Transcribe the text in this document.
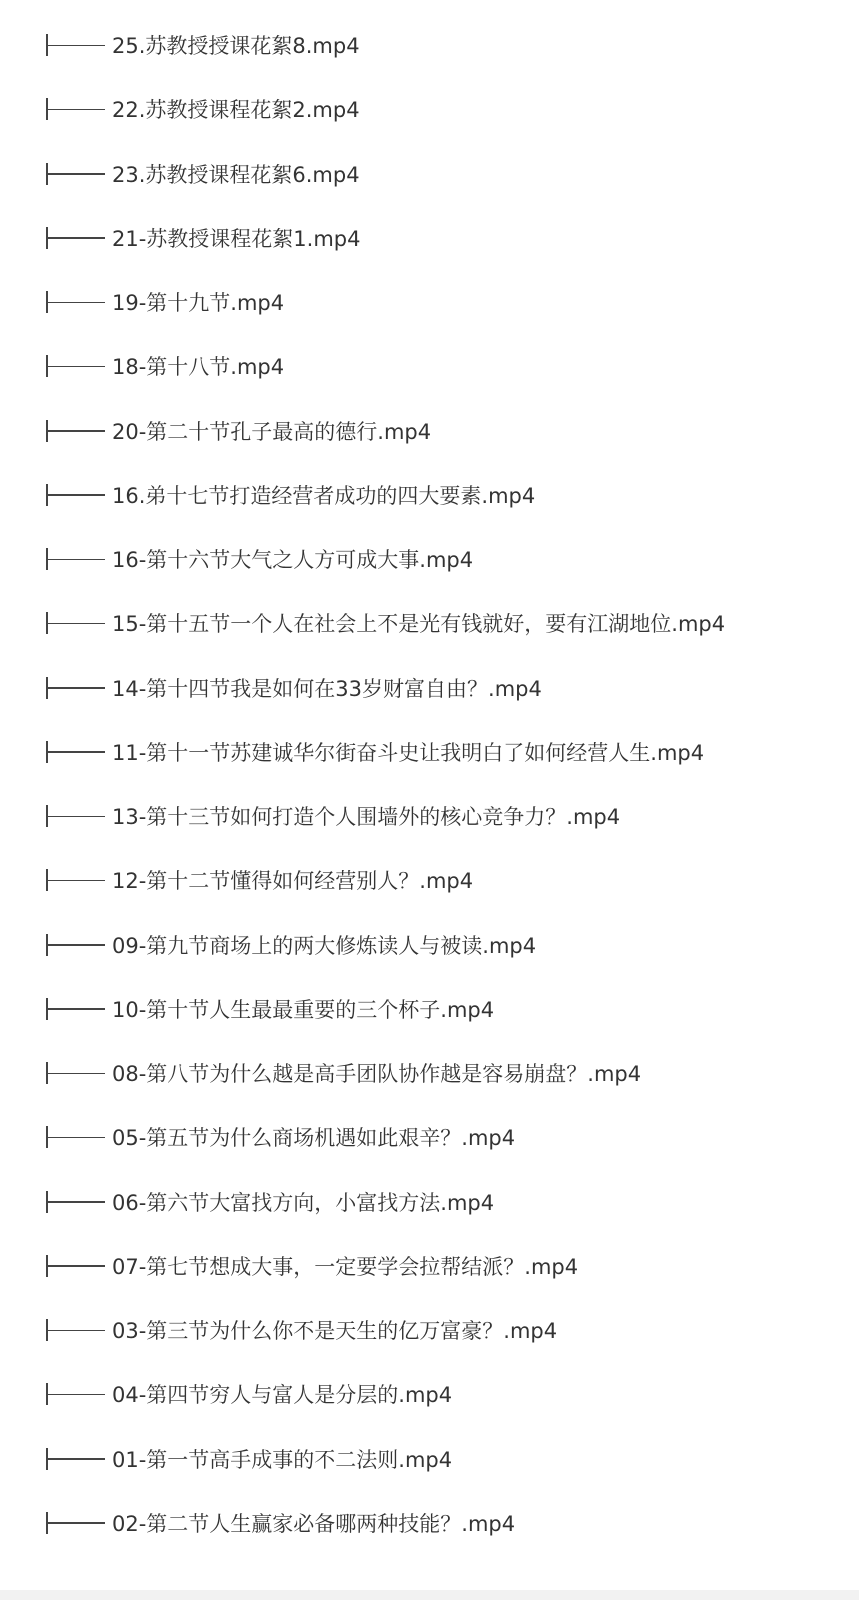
25.苏教授授课花絮8.mp4
22.苏教授课程花絮2.mp4
23.苏教授课程花絮6.mp4
21-苏教授课程花絮1.mp4
19-第十九节.mp4
18-第十八节.mp4
20-第二十节孔子最高的德行.mp4
16.弟十七节打造经营者成功的四大要素.mp4
16-第十六节大气之人方可成大事.mp4
15-第十五节一个人在社会上不是光有钱就好，要有江湖地位.mp4
14-第十四节我是如何在33岁财富自由？.mp4
11-第十一节苏建诚华尔街奋斗史让我明白了如何经营人生.mp4
13-第十三节如何打造个人围墙外的核心竞争力？.mp4
12-第十二节懂得如何经营别人？.mp4
09-第九节商场上的两大修炼读人与被读.mp4
10-第十节人生最最重要的三个杯子.mp4
08-第八节为什么越是高手团队协作越是容易崩盘？.mp4
05-第五节为什么商场机遇如此艰辛？.mp4
06-第六节大富找方向，小富找方法.mp4
07-第七节想成大事，一定要学会拉帮结派？.mp4
03-第三节为什么你不是天生的亿万富豪？.mp4
04-第四节穷人与富人是分层的.mp4
01-第一节高手成事的不二法则.mp4
02-第二节人生赢家必备哪两种技能？.mp4
